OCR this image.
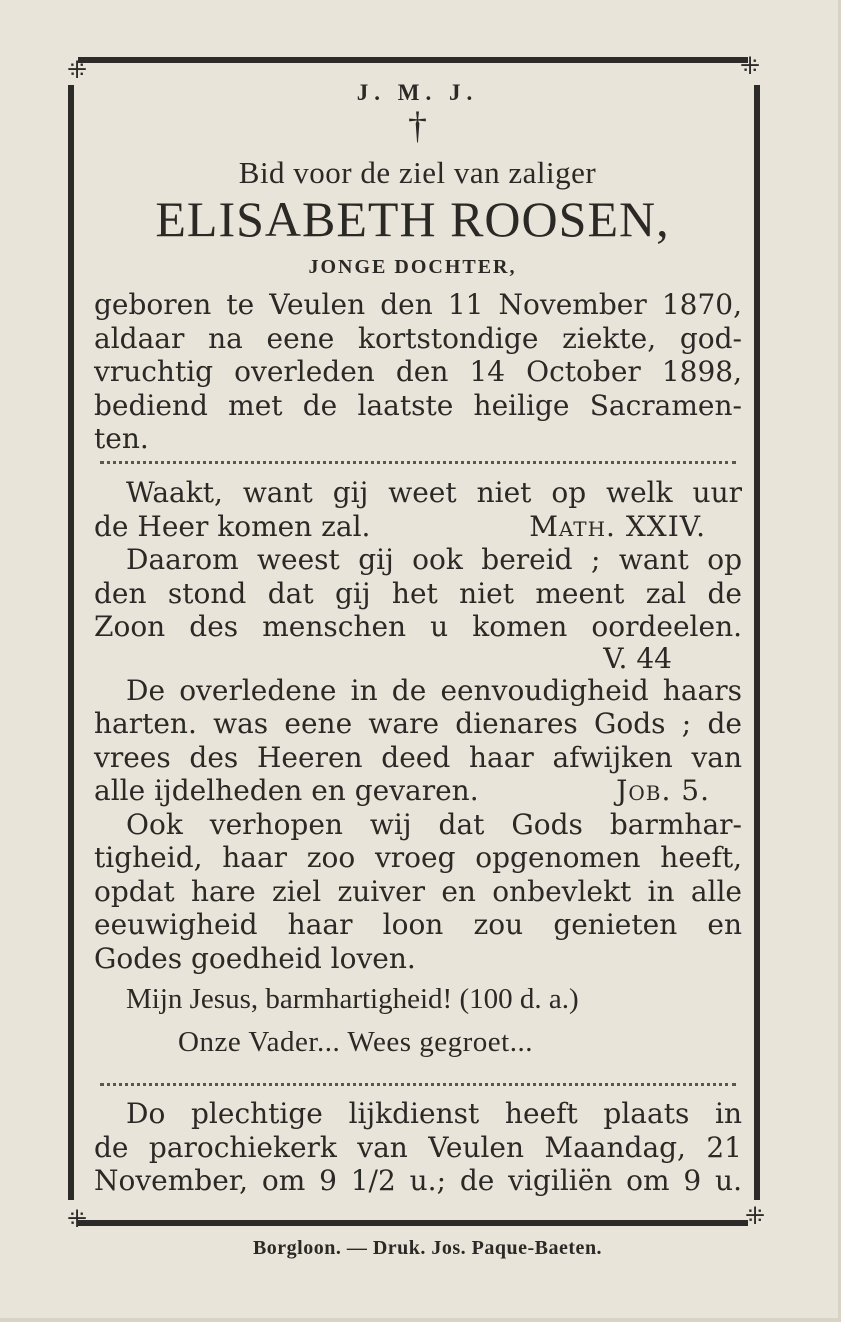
⁜	⁜
⁜	⁜
J. M. J.
†
Bid voor de ziel van zaliger
ELISABETH ROOSEN,
JONGE DOCHTER,
geboren te Veulen den 11 November 1870,
aldaar na eene kortstondige ziekte, god-
vruchtig overleden den 14 October 1898,
bediend met de laatste heilige Sacramen-
ten.
Waakt, want gij weet niet op welk uur
de Heer komen zal.	Math. XXIV.
Daarom weest gij ook bereid ; want op
den stond dat gij het niet meent zal de
Zoon des menschen u komen oordeelen.
V. 44
De overledene in de eenvoudigheid haars
harten. was eene ware dienares Gods ; de
vrees des Heeren deed haar afwijken van
alle ijdelheden en gevaren.	Job. 5.
Ook verhopen wij dat Gods barmhar-
tigheid, haar zoo vroeg opgenomen heeft,
opdat hare ziel zuiver en onbevlekt in alle
eeuwigheid haar loon zou genieten en
Godes goedheid loven.
Mijn Jesus, barmhartigheid! (100 d. a.)
Onze Vader... Wees gegroet...
Do plechtige lijkdienst heeft plaats in
de parochiekerk van Veulen Maandag, 21
November, om 9 1/2 u.; de vigiliën om 9 u.
Borgloon. — Druk. Jos. Paque-Baeten.
